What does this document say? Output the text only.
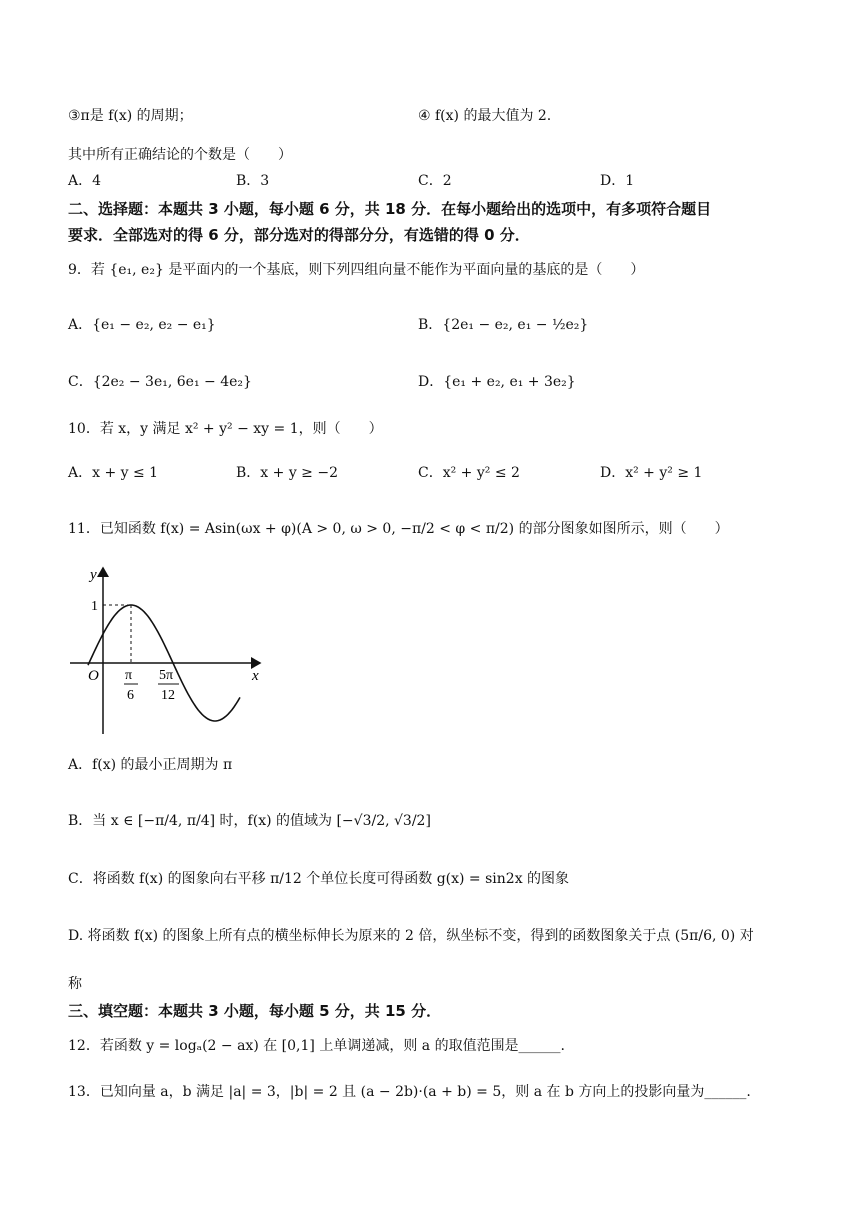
③π是 f(x) 的周期；	④ f(x) 的最大值为 2.
其中所有正确结论的个数是（　　）
A．4	B．3	C．2	D．1
二、选择题：本题共 3 小题，每小题 6 分，共 18 分．在每小题给出的选项中，有多项符合题目
要求．全部选对的得 6 分，部分选对的得部分分，有选错的得 0 分．
9．若 {e₁, e₂} 是平面内的一个基底，则下列四组向量不能作为平面向量的基底的是（　　）
A．{e₁ − e₂, e₂ − e₁}	B．{2e₁ − e₂, e₁ − ½e₂}
C．{2e₂ − 3e₁, 6e₁ − 4e₂}	D．{e₁ + e₂, e₁ + 3e₂}
10．若 x，y 满足 x² + y² − xy = 1，则（　　）
A．x + y ≤ 1	B．x + y ≥ −2	C．x² + y² ≤ 2	D．x² + y² ≥ 1
11．已知函数 f(x) = Asin(ωx + φ)(A > 0, ω > 0, −π/2 < φ < π/2) 的部分图象如图所示，则（　　）
y
x
O
1
π
6
5π
12
A．f(x) 的最小正周期为 π
B．当 x ∈ [−π/4, π/4] 时，f(x) 的值域为 [−√3/2, √3/2]
C．将函数 f(x) 的图象向右平移 π/12 个单位长度可得函数 g(x) = sin2x 的图象
D. 将函数 f(x) 的图象上所有点的横坐标伸长为原来的 2 倍，纵坐标不变，得到的函数图象关于点 (5π/6, 0) 对
称
三、填空题：本题共 3 小题，每小题 5 分，共 15 分．
12．若函数 y = logₐ(2 − ax) 在 [0,1] 上单调递减，则 a 的取值范围是______.
13．已知向量 a，b 满足 |a| = 3，|b| = 2 且 (a − 2b)·(a + b) = 5，则 a 在 b 方向上的投影向量为______.
